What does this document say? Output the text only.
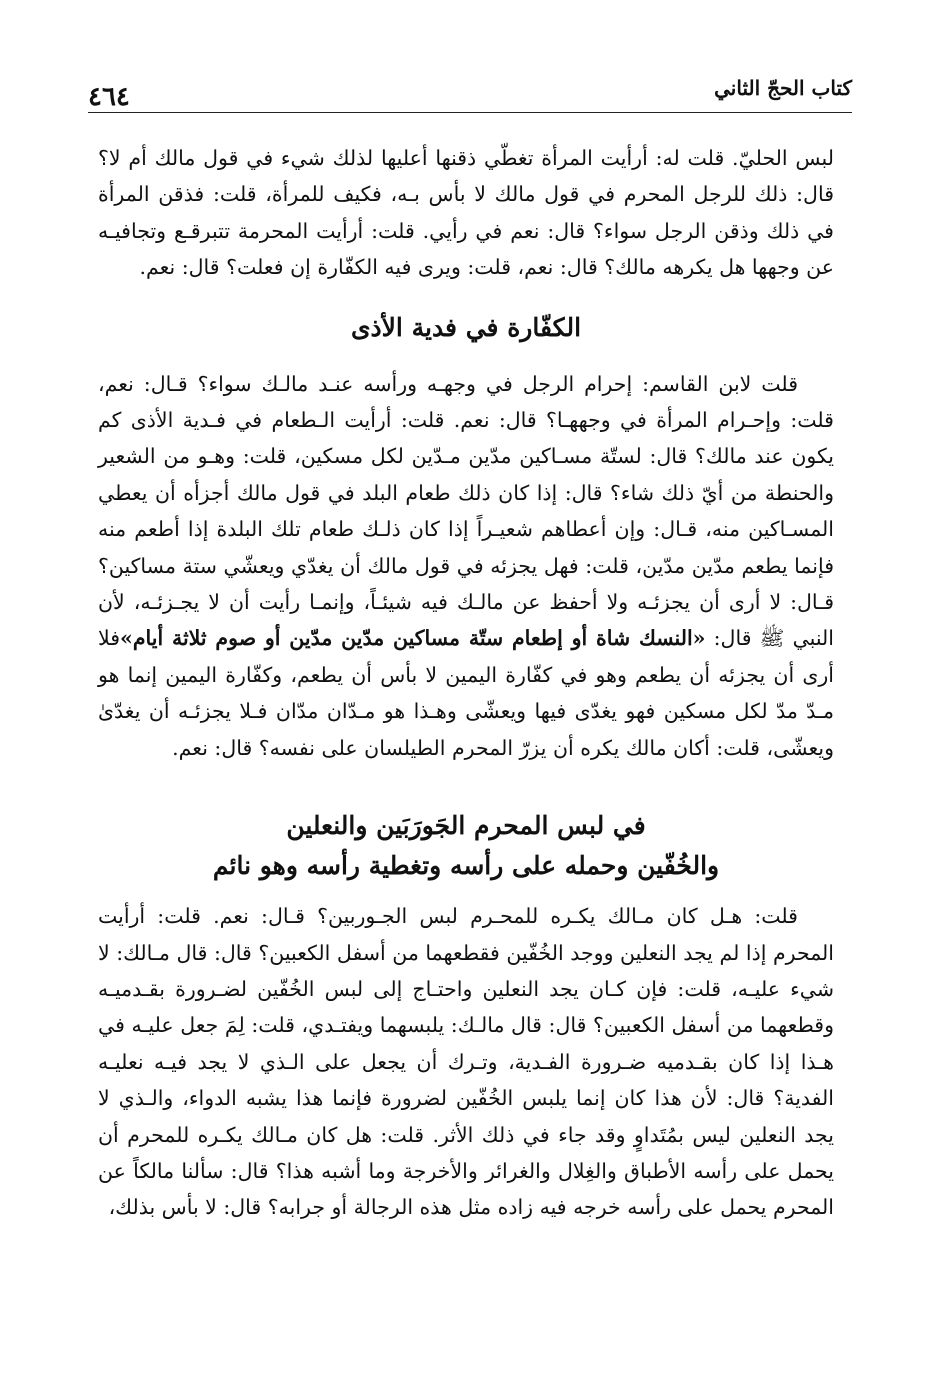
كتاب الحجّ الثاني
٤٦٤

لبس الحليّ. قلت له: أرأيت المرأة تغطّي ذقنها أعليها لذلك شيء في قول مالك أم لا؟ قال: ذلك للرجل المحرم في قول مالك لا بأس بـه، فكيف للمرأة، قلت: فذقن المرأة في ذلك وذقن الرجل سواء؟ قال: نعم في رأيي. قلت: أرأيت المحرمة تتبرقـع وتجافيـه عن وجهها هل يكرهه مالك؟ قال: نعم، قلت: ويرى فيه الكفّارة إن فعلت؟ قال: نعم.

الكفّارة في فدية الأذى

قلت لابن القاسم: إحرام الرجل في وجهـه ورأسه عنـد مالـك سواء؟ قـال: نعم، قلت: وإحـرام المرأة في وجههـا؟ قال: نعم. قلت: أرأيت الـطعام في فـدية الأذى كم يكون عند مالك؟ قال: لستّة مسـاكين مدّين مـدّين لكل مسكين، قلت: وهـو من الشعير والحنطة من أيّ ذلك شاء؟ قال: إذا كان ذلك طعام البلد في قول مالك أجزأه أن يعطي المسـاكين منه، قـال: وإن أعطاهم شعيـراً إذا كان ذلـك طعام تلك البلدة إذا أطعم منه فإنما يطعم مدّين مدّين، قلت: فهل يجزئه في قول مالك أن يغدّي ويعشّي ستة مساكين؟ قـال: لا أرى أن يجزئـه ولا أحفظ عن مالـك فيه شيئـاً، وإنمـا رأيت أن لا يجـزئـه، لأن النبي ﷺ قال: «النسك شاة أو إطعام ستّة مساكين مدّين مدّين أو صوم ثلاثة أيام»فلا أرى أن يجزئه أن يطعم وهو في كفّارة اليمين لا بأس أن يطعم، وكفّارة اليمين إنما هو مـدّ مدّ لكل مسكين فهو يغدّى فيها ويعشّى وهـذا هو مـدّان مدّان فـلا يجزئـه أن يغدّىٰ ويعشّى، قلت: أكان مالك يكره أن يزرّ المحرم الطيلسان على نفسه؟ قال: نعم.

في لبس المحرم الجَورَبَين والنعلين
والخُفّين وحمله على رأسه وتغطية رأسه وهو نائم

قلت: هـل كان مـالك يكـره للمحـرم لبس الجـوربين؟ قـال: نعم. قلت: أرأيت المحرم إذا لم يجد النعلين ووجد الخُفّين فقطعهما من أسفل الكعبين؟ قال: قال مـالك: لا شيء عليـه، قلت: فإن كـان يجد النعلين واحتـاج إلى لبس الخُفّين لضـرورة بقـدميـه وقطعهما من أسفل الكعبين؟ قال: قال مالـك: يلبسهما ويفتـدي، قلت: لِمَ جعل عليـه في هـذا إذا كان بقـدميه ضـرورة الفـدية، وتـرك أن يجعل على الـذي لا يجد فيـه نعليـه الفدية؟ قال: لأن هذا كان إنما يلبس الخُفّين لضرورة فإنما هذا يشبه الدواء، والـذي لا يجد النعلين ليس بمُتَداوٍ وقد جاء في ذلك الأثر. قلت: هل كان مـالك يكـره للمحرم أن يحمل على رأسه الأطباق والغِلال والغرائر والأخرجة وما أشبه هذا؟ قال: سألنا مالكاً عن المحرم يحمل على رأسه خرجه فيه زاده مثل هذه الرجالة أو جرابه؟ قال: لا بأس بذلك،
